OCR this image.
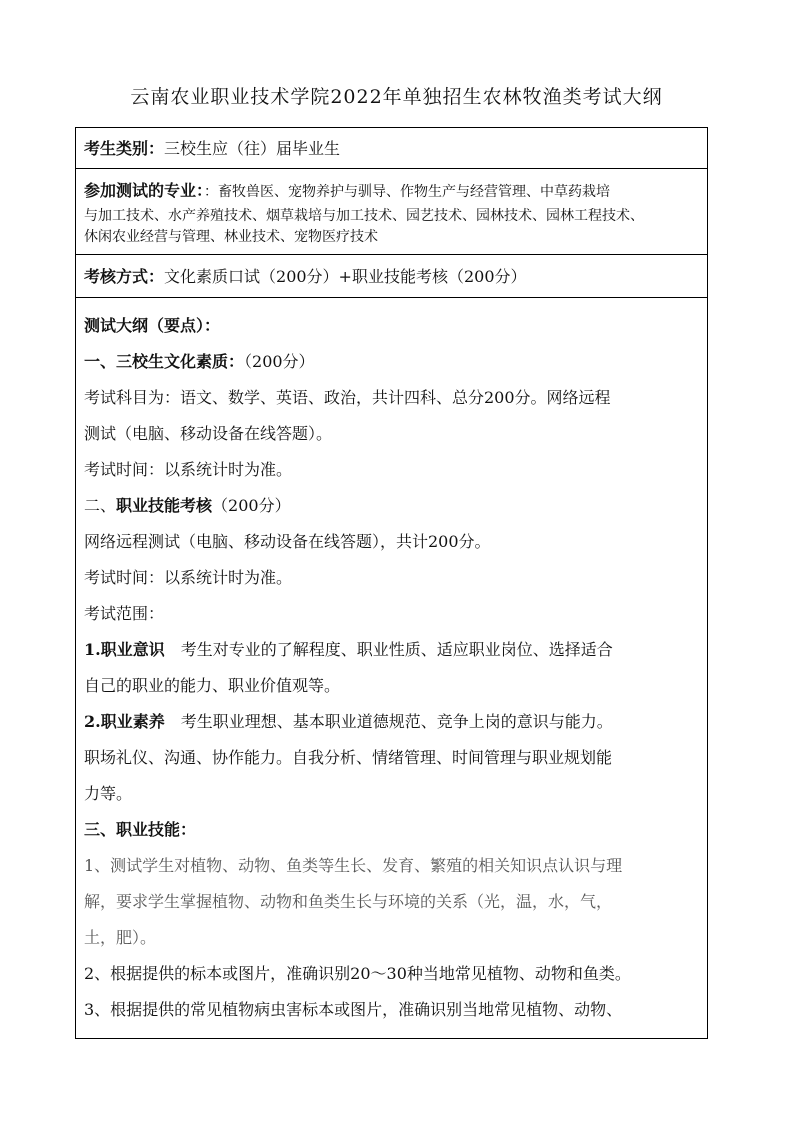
云南农业职业技术学院2022年单独招生农林牧渔类考试大纲
考生类别：三校生应（往）届毕业生
参加测试的专业：：畜牧兽医、宠物养护与驯导、作物生产与经营管理、中草药栽培
与加工技术、水产养殖技术、烟草栽培与加工技术、园艺技术、园林技术、园林工程技术、
休闲农业经营与管理、林业技术、宠物医疗技术
考核方式：文化素质口试（200分）+职业技能考核（200分）

测试大纲（要点）：

一、三校生文化素质：（200分）

考试科目为：语文、数学、英语、政治，共计四科、总分200分。网络远程

测试（电脑、移动设备在线答题）。

考试时间：以系统计时为准。

二、职业技能考核（200分）

网络远程测试（电脑、移动设备在线答题），共计200分。

考试时间：以系统计时为准。

考试范围：

1.职业意识　考生对专业的了解程度、职业性质、适应职业岗位、选择适合

自己的职业的能力、职业价值观等。

2.职业素养　考生职业理想、基本职业道德规范、竞争上岗的意识与能力。

职场礼仪、沟通、协作能力。自我分析、情绪管理、时间管理与职业规划能

力等。

三、职业技能：

1、测试学生对植物、动物、鱼类等生长、发育、繁殖的相关知识点认识与理

解，要求学生掌握植物、动物和鱼类生长与环境的关系（光，温，水，气，

土，肥）。

2、根据提供的标本或图片，准确识别20～30种当地常见植物、动物和鱼类。

3、根据提供的常见植物病虫害标本或图片，准确识别当地常见植物、动物、
